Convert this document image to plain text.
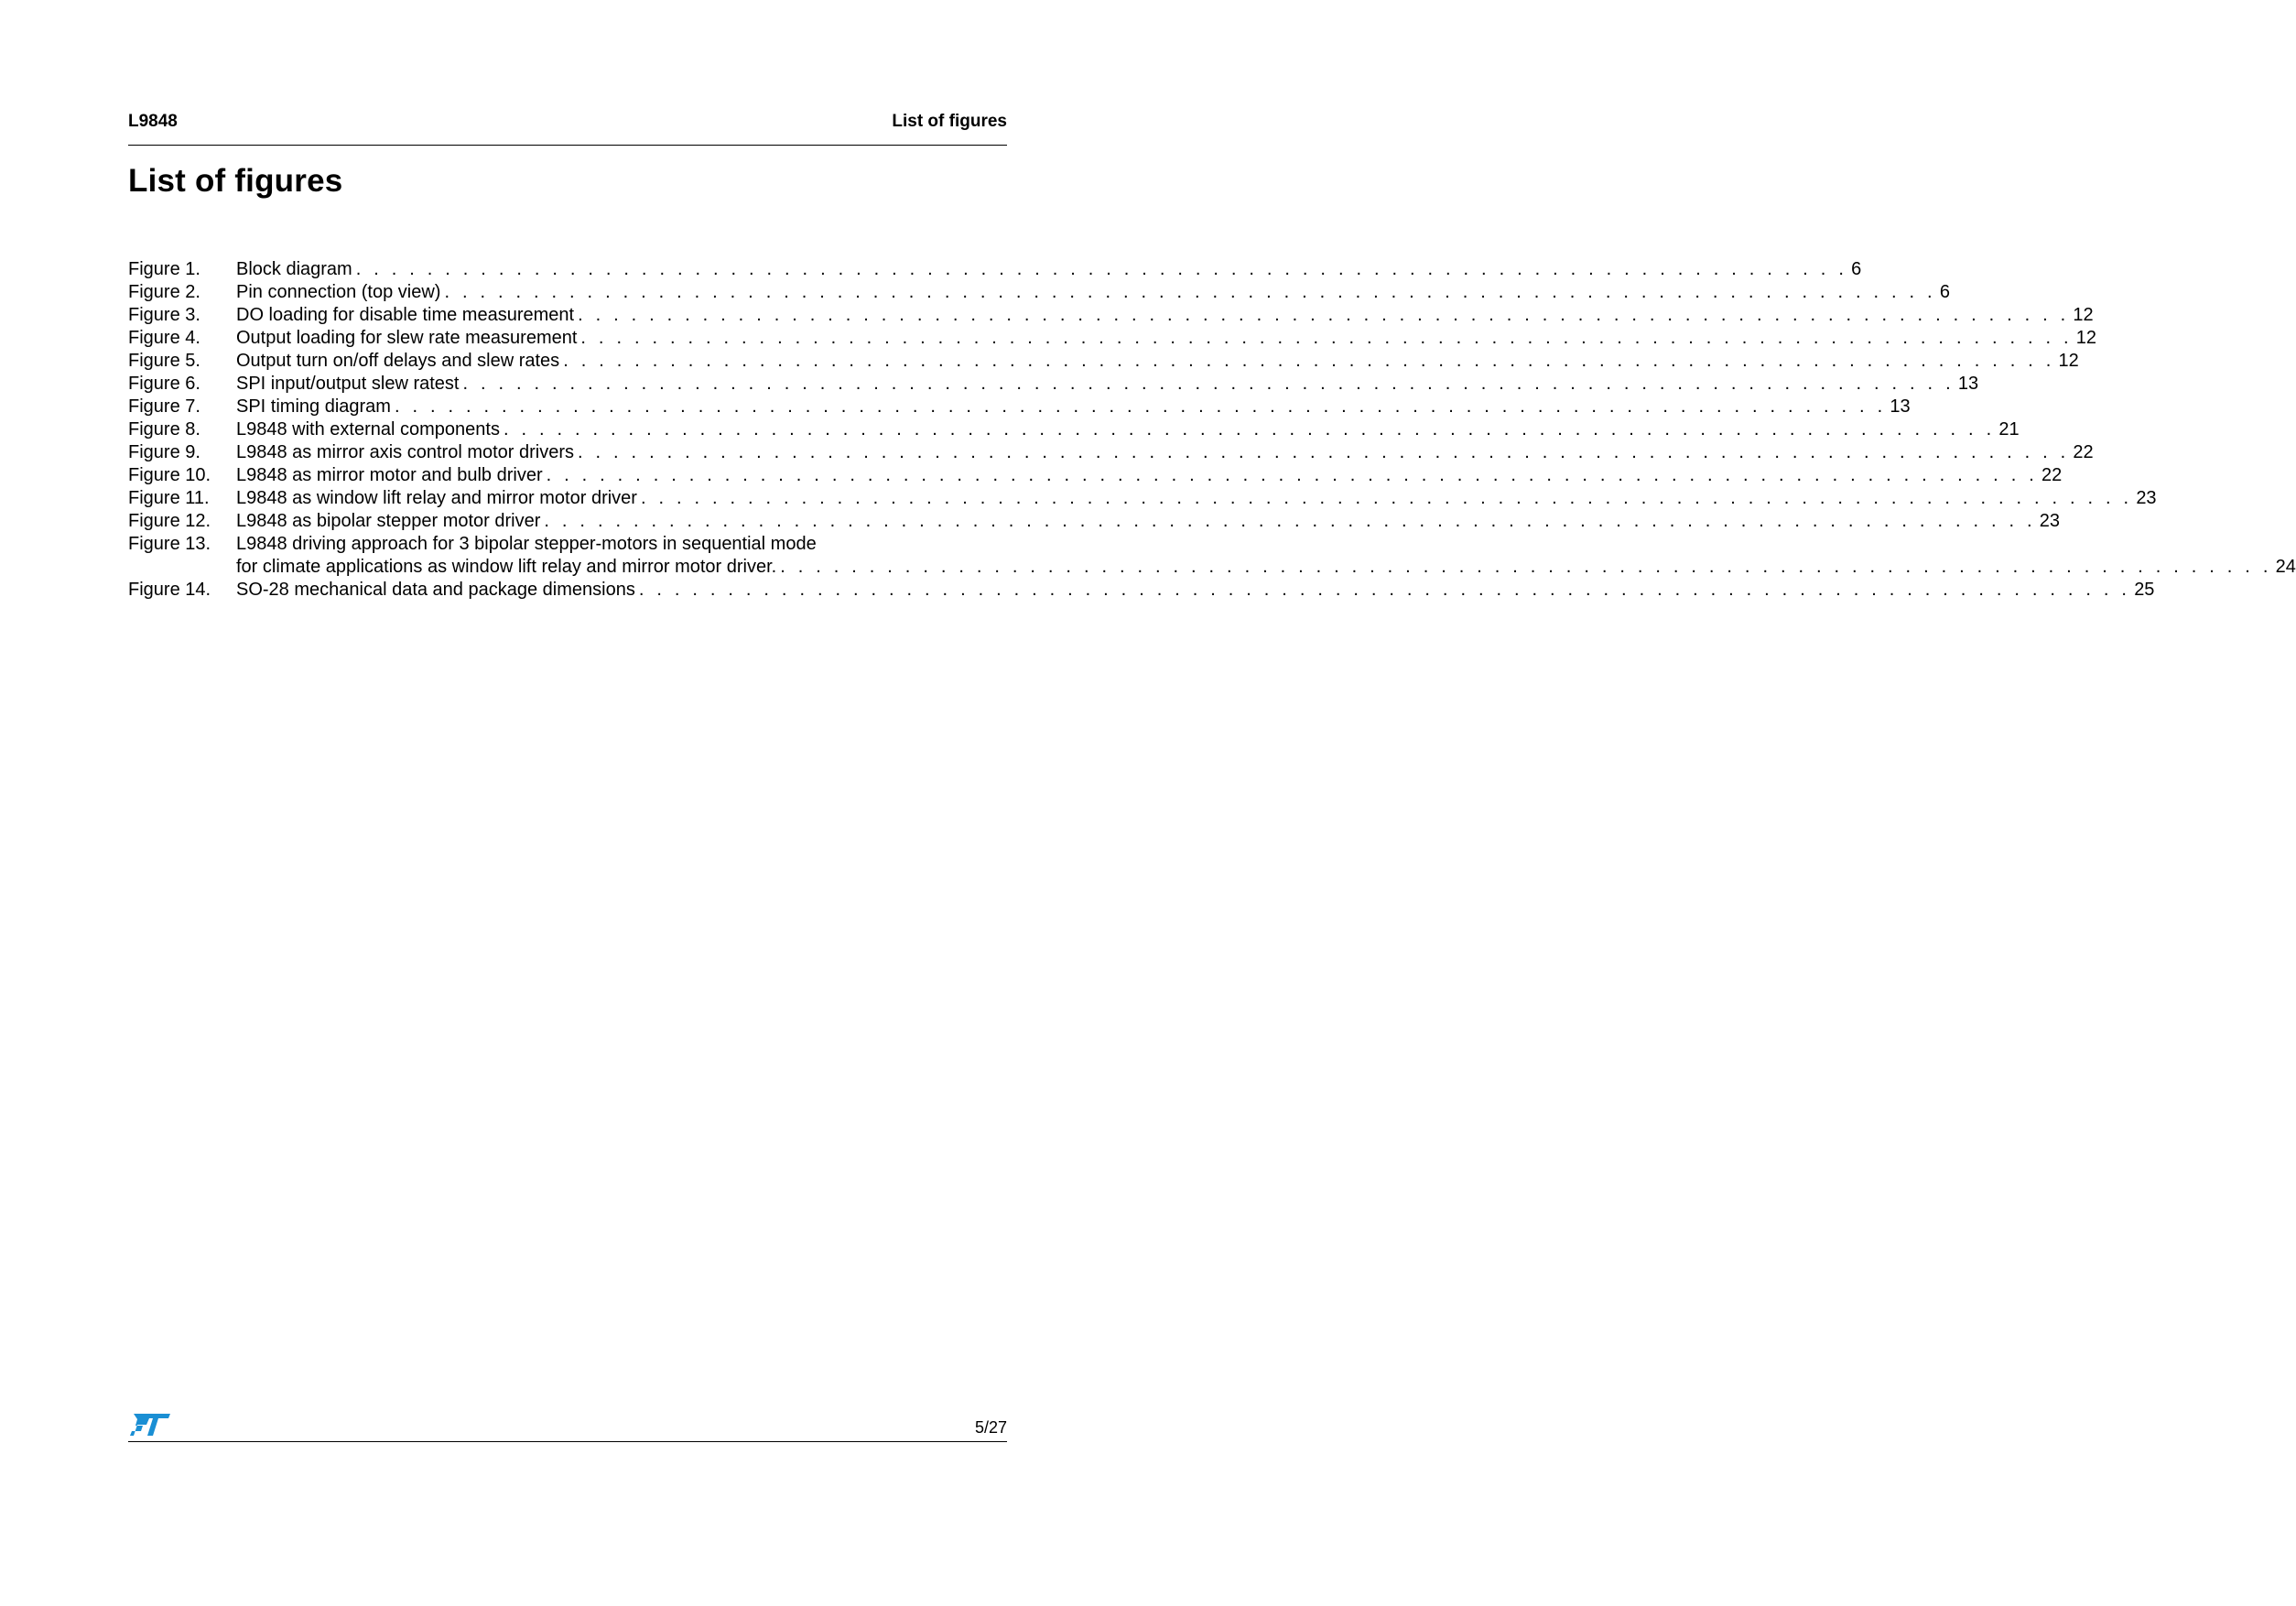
L9848	List of figures
List of figures
Figure 1. Block diagram . . . . . . . . . . . . . . . . . . . . . . . . . . . . . . . . . . . . . . . . . . . . . . . . . . . . . . . . . . . . . . . . . . . . . . . . . . . . . . . . . . . . 6
Figure 2. Pin connection (top view) . . . . . . . . . . . . . . . . . . . . . . . . . . . . . . . . . . . . . . . . . . . . . . . . . . . . . . . . . . . . . . . . . . . . . . . . . . . . . . . . . . . . 6
Figure 3. DO loading for disable time measurement . . . . . . . . . . . . . . . . . . . . . . . . . . . . . . . . . . . . . . . . . . . . . . . . . . . . . . . . . . . . . . . . . . . . . . . . . . . . . . . . . . . . 12
Figure 4. Output loading for slew rate measurement . . . . . . . . . . . . . . . . . . . . . . . . . . . . . . . . . . . . . . . . . . . . . . . . . . . . . . . . . . . . . . . . . . . . . . . . . . . . . . . . . . . . 12
Figure 5. Output turn on/off delays and slew rates . . . . . . . . . . . . . . . . . . . . . . . . . . . . . . . . . . . . . . . . . . . . . . . . . . . . . . . . . . . . . . . . . . . . . . . . . . . . . . . . . . . . 12
Figure 6. SPI input/output slew ratest . . . . . . . . . . . . . . . . . . . . . . . . . . . . . . . . . . . . . . . . . . . . . . . . . . . . . . . . . . . . . . . . . . . . . . . . . . . . . . . . . . . . 13
Figure 7. SPI timing diagram . . . . . . . . . . . . . . . . . . . . . . . . . . . . . . . . . . . . . . . . . . . . . . . . . . . . . . . . . . . . . . . . . . . . . . . . . . . . . . . . . . . . 13
Figure 8. L9848 with external components . . . . . . . . . . . . . . . . . . . . . . . . . . . . . . . . . . . . . . . . . . . . . . . . . . . . . . . . . . . . . . . . . . . . . . . . . . . . . . . . . . . . 21
Figure 9. L9848 as mirror axis control motor drivers . . . . . . . . . . . . . . . . . . . . . . . . . . . . . . . . . . . . . . . . . . . . . . . . . . . . . . . . . . . . . . . . . . . . . . . . . . . . . . . . . . . . 22
Figure 10. L9848 as mirror motor and bulb driver . . . . . . . . . . . . . . . . . . . . . . . . . . . . . . . . . . . . . . . . . . . . . . . . . . . . . . . . . . . . . . . . . . . . . . . . . . . . . . . . . . . . 22
Figure 11. L9848 as window lift relay and mirror motor driver . . . . . . . . . . . . . . . . . . . . . . . . . . . . . . . . . . . . . . . . . . . . . . . . . . . . . . . . . . . . . . . . . . . . . . . . . . . . . . . . . . . . 23
Figure 12. L9848 as bipolar stepper motor driver . . . . . . . . . . . . . . . . . . . . . . . . . . . . . . . . . . . . . . . . . . . . . . . . . . . . . . . . . . . . . . . . . . . . . . . . . . . . . . . . . . . . 23
Figure 13. L9848 driving approach for 3 bipolar stepper-motors in sequential mode
for climate applications as window lift relay and mirror motor driver. . . . . . . . . . . . . . . . . . . . . . . . . . . . . . . . . . . . . . . . . . . . . . . . . . . . . . . . . . . . . . . . . . . . . . . . . . . . . . . . . . . . . 24
Figure 14. SO-28 mechanical data and package dimensions . . . . . . . . . . . . . . . . . . . . . . . . . . . . . . . . . . . . . . . . . . . . . . . . . . . . . . . . . . . . . . . . . . . . . . . . . . . . . . . . . . . . 25
5/27
